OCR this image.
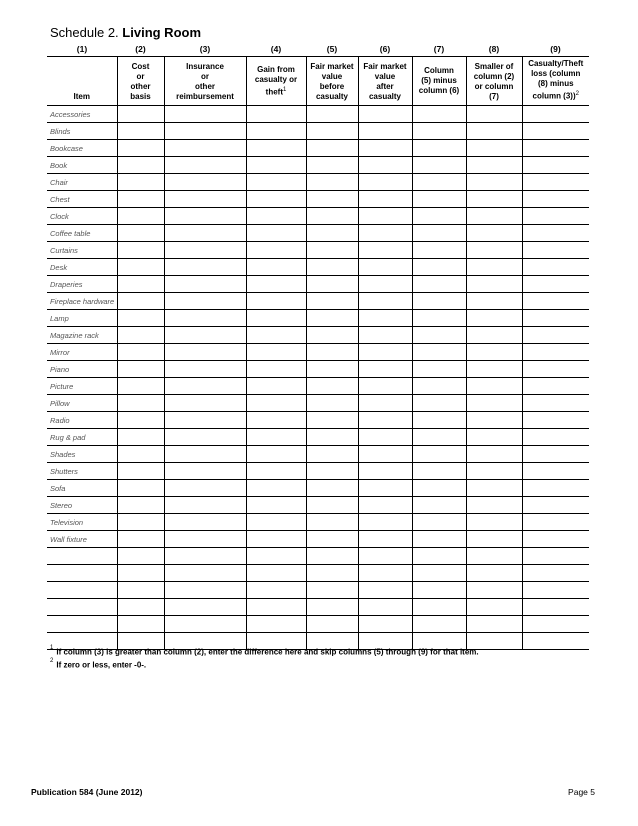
Schedule 2. Living Room
(1)	(2)	(3)	(4)	(5)	(6)	(7)	(8)	(9)
Item	Cost
or
other
basis	Insurance
or
other
reimbursement	Gain from
casualty or
theft$^1$	Fair market
value
before
casualty	Fair market
value
after
casualty	Column
(5) minus
column (6)	Smaller of
column (2)
or column
(7)	Casualty/Theft
loss (column
(8) minus
column (3))$^2$
Accessories								
Blinds								
Bookcase								
Book								
Chair								
Chest								
Clock								
Coffee table								
Curtains								
Desk								
Draperies								
Fireplace hardware								
Lamp								
Magazine rack								
Mirror								
Piano								
Picture								
Pillow								
Radio								
Rug & pad								
Shades								
Shutters								
Sofa								
Stereo								
Television								
Wall fixture								

$^1$ If column (3) is greater than column (2), enter the difference here and skip columns (5) through (9) for that item.
$^2$ If zero or less, enter -0-.
Publication 584 (June 2012)	Page 5
